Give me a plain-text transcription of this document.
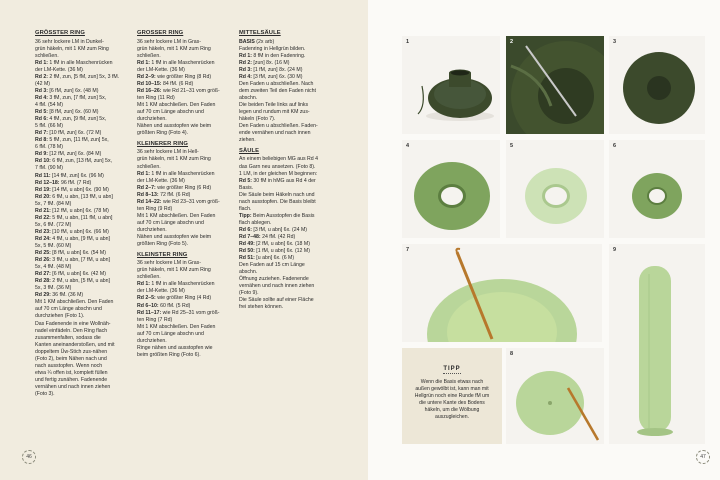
GRÖSSTER RING
36 sehr lockere LM in Dunkel-
grün häkeln, mit 1 KM zum Ring
schließen.
Rd 1: 1 fM in alle Maschenrücken
der LM-Kette. (36 M)
Rd 2: 2 fM, zun, [5 fM, zun] 5x, 3 fM.
(42 M)
Rd 3: [6 fM, zun] 6x. (48 M)
Rd 4: 3 fM, zun, [7 fM, zun] 5x,
4 fM. (54 M)
Rd 5: [8 fM, zun] 6x. (60 M)
Rd 6: 4 fM, zun, [9 fM, zun] 5x,
5 fM. (66 M)
Rd 7: [10 fM, zun] 6x. (72 M)
Rd 8: 5 fM, zun, [11 fM, zun] 5x,
6 fM. (78 M)
Rd 9: [12 fM, zun] 6x. (84 M)
Rd 10: 6 fM, zun, [13 fM, zun] 5x,
7 fM. (90 M)
Rd 11: [14 fM, zun] 6x. (96 M)
Rd 12–18: 96 fM. (7 Rd)
Rd 19: [14 fM, u abn] 6x. (90 M)
Rd 20: 6 fM, u abn, [13 fM, u abn]
5x, 7 fM. (84 M)
Rd 21: [12 fM, u abn] 6x. (78 M)
Rd 22: 5 fM, u abn, [11 fM, u abn]
5x, 6 fM. (72 M)
Rd 23: [10 fM, u abn] 6x. (66 M)
Rd 24: 4 fM, u abn, [9 fM, u abn]
5x, 5 fM. (60 M)
Rd 25: [8 fM, u abn] 6x. (54 M)
Rd 26: 3 fM, u abn, [7 fM, u abn]
5x, 4 fM. (48 M)
Rd 27: [6 fM, u abn] 6x. (42 M)
Rd 28: 2 fM, u abn, [5 fM, u abn]
5x, 3 fM. (36 M)
Rd 29: 36 fM. (36 M)
Mit 1 KM abschließen. Den Faden
auf 70 cm Länge abschn und
durchziehen (Foto 1).
Das Fadenende in eine Wollnäh-
nadel einfädeln. Den Ring flach
zusammenfalten, sodass die
Kanten aneinanderstoßen, und mit
doppeltem Üw-Stich zus-nähen
(Foto 2), beim Nähen nach und
nach ausstopfen. Wenn noch
etwa ¼ offen ist, komplett füllen
und fertig zunähen. Fadenende
vernähen und nach innen ziehen
(Foto 3).
GROSSER RING
36 sehr lockere LM in Gras-
grün häkeln, mit 1 KM zum Ring
schließen.
Rd 1: 1 fM in alle Maschenrücken
der LM-Kette. (36 M)
Rd 2–9: wie größter Ring (8 Rd)
Rd 10–15: 84 fM. (6 Rd)
Rd 16–26: wie Rd 21–31 vom größ-
ten Ring (11 Rd)
Mit 1 KM abschließen. Den Faden
auf 70 cm Länge abschn und
durchziehen.
Nähen und ausstopfen wie beim
größten Ring (Foto 4).
KLEINERER RING
36 sehr lockere LM in Hell-
grün häkeln, mit 1 KM zum Ring
schließen.
Rd 1: 1 fM in alle Maschenrücken
der LM-Kette. (36 M)
Rd 2–7: wie größter Ring (6 Rd)
Rd 8–13: 72 fM. (6 Rd)
Rd 14–22: wie Rd 23–31 vom größ-
ten Ring (9 Rd)
Mit 1 KM abschließen. Den Faden
auf 70 cm Länge abschn und
durchziehen.
Nähen und ausstopfen wie beim
größten Ring (Foto 5).
KLEINSTER RING
36 sehr lockere LM in Gras-
grün häkeln, mit 1 KM zum Ring
schließen.
Rd 1: 1 fM in alle Maschenrücken
der LM-Kette. (36 M)
Rd 2–5: wie größter Ring (4 Rd)
Rd 6–10: 60 fM. (5 Rd)
Rd 11–17: wie Rd 25–31 vom größ-
ten Ring (7 Rd)
Mit 1 KM abschließen. Den Faden
auf 70 cm Länge abschn und
durchziehen.
Ringe nähen und ausstopfen wie
beim größten Ring (Foto 6).
MITTELSÄULE
BASIS (2x arb)
Fadenring in Hellgrün bilden.
Rd 1: 8 fM in den Fadenring.
Rd 2: [zun] 8x. (16 M)
Rd 3: [1 fM, zun] 8x. (24 M)
Rd 4: [3 fM, zun] 6x. (30 M)
Den Faden u abschließen. Nach
dem zweiten Teil den Faden nicht
abschn.
Die beiden Teile links auf links
legen und rundum mit KM zus-
häkeln (Foto 7).
Den Faden u abschließen. Faden-
ende vernähen und nach innen
ziehen.
SÄULE
An einem beliebigen MG aus Rd 4
das Garn neu ansetzen. (Foto 8).
1 LM, in der gleichen M beginnen:
Rd 5: 30 fM in hMG aus Rd 4 der
Basis.
Die Säule beim Häkeln nach und
nach ausstopfen. Die Basis bleibt
flach.
Tipp: Beim Ausstopfen die Basis
flach ablegen.
Rd 6: [3 fM, u abn] 6x. (24 M)
Rd 7–48: 24 fM. (42 Rd)
Rd 49: [2 fM, u abn] 6x. (18 M)
Rd 50: [1 fM, u abn] 6x. (12 M)
Rd 51: [u abn] 6x. (6 M)
Den Faden auf 15 cm Länge
abschn.
Öffnung zuziehen. Fadenende
vernähen und nach innen ziehen
(Foto 9).
Die Säule sollte auf einer Fläche
frei stehen können.
46	47
1	2	3
4	5	6
7
8
9
TIPP
Wenn die Basis etwas nach außen gewölbt ist, kann man mit Hellgrün noch eine Runde fM um die untere Kante des Bodens häkeln, um die Wölbung auszugleichen.
